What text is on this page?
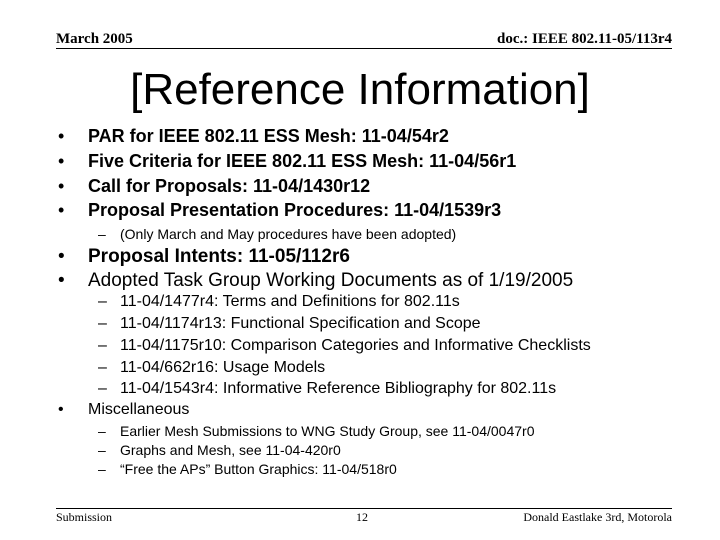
March 2005	doc.: IEEE 802.11-05/113r4
[Reference Information]
• PAR for IEEE 802.11 ESS Mesh: 11-04/54r2
• Five Criteria for IEEE 802.11 ESS Mesh: 11-04/56r1
• Call for Proposals: 11-04/1430r12
• Proposal Presentation Procedures: 11-04/1539r3
– (Only March and May procedures have been adopted)
• Proposal Intents: 11-05/112r6
• Adopted Task Group Working Documents as of 1/19/2005
– 11-04/1477r4: Terms and Definitions for 802.11s
– 11-04/1174r13: Functional Specification and Scope
– 11-04/1175r10: Comparison Categories and Informative Checklists
– 11-04/662r16: Usage Models
– 11-04/1543r4: Informative Reference Bibliography for 802.11s
• Miscellaneous
– Earlier Mesh Submissions to WNG Study Group, see 11-04/0047r0
– Graphs and Mesh, see 11-04-420r0
– “Free the APs” Button Graphics: 11-04/518r0
Submission	12	Donald Eastlake 3rd, Motorola
